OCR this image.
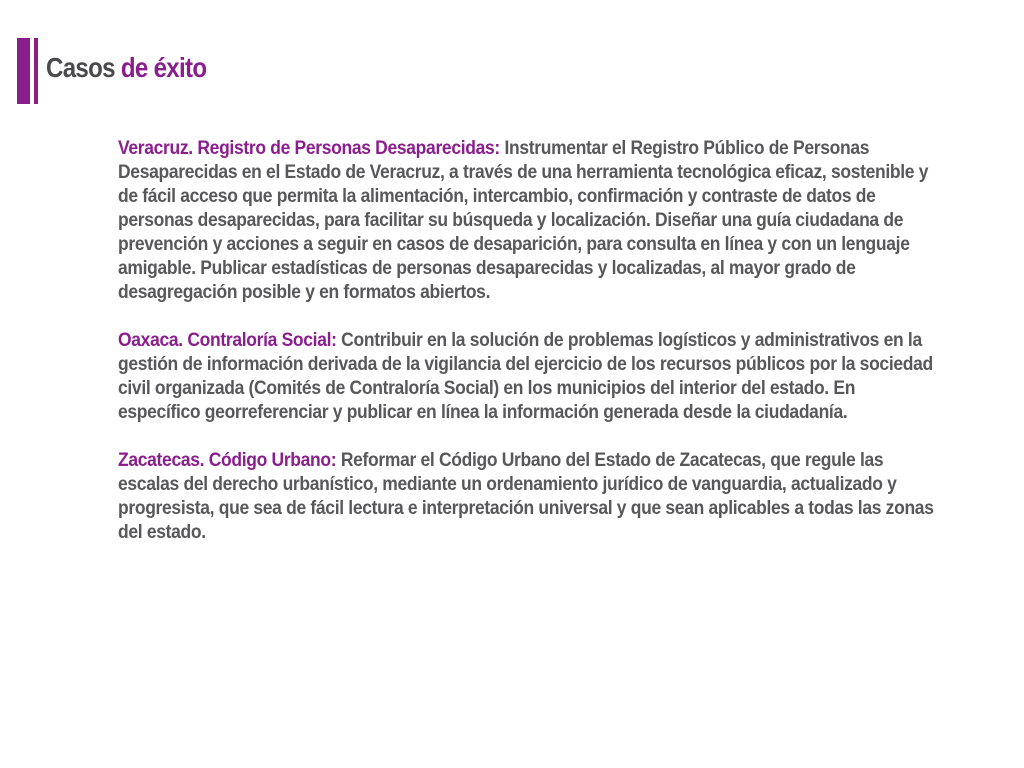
Casos de éxito

Veracruz. Registro de Personas Desaparecidas: Instrumentar el Registro Público de Personas Desaparecidas en el Estado de Veracruz, a través de una herramienta tecnológica eficaz, sostenible y de fácil acceso que permita la alimentación, intercambio, confirmación y contraste de datos de personas desaparecidas, para facilitar su búsqueda y localización. Diseñar una guía ciudadana de prevención y acciones a seguir en casos de desaparición, para consulta en línea y con un lenguaje amigable. Publicar estadísticas de personas desaparecidas y localizadas, al mayor grado de desagregación posible y en formatos abiertos.

Oaxaca. Contraloría Social: Contribuir en la solución de problemas logísticos y administrativos en la gestión de información derivada de la vigilancia del ejercicio de los recursos públicos por la sociedad civil organizada (Comités de Contraloría Social) en los municipios del interior del estado. En específico georreferenciar y publicar en línea la información generada desde la ciudadanía.

Zacatecas. Código Urbano: Reformar el Código Urbano del Estado de Zacatecas, que regule las escalas del derecho urbanístico, mediante un ordenamiento jurídico de vanguardia, actualizado y progresista, que sea de fácil lectura e interpretación universal y que sean aplicables a todas las zonas del estado.
